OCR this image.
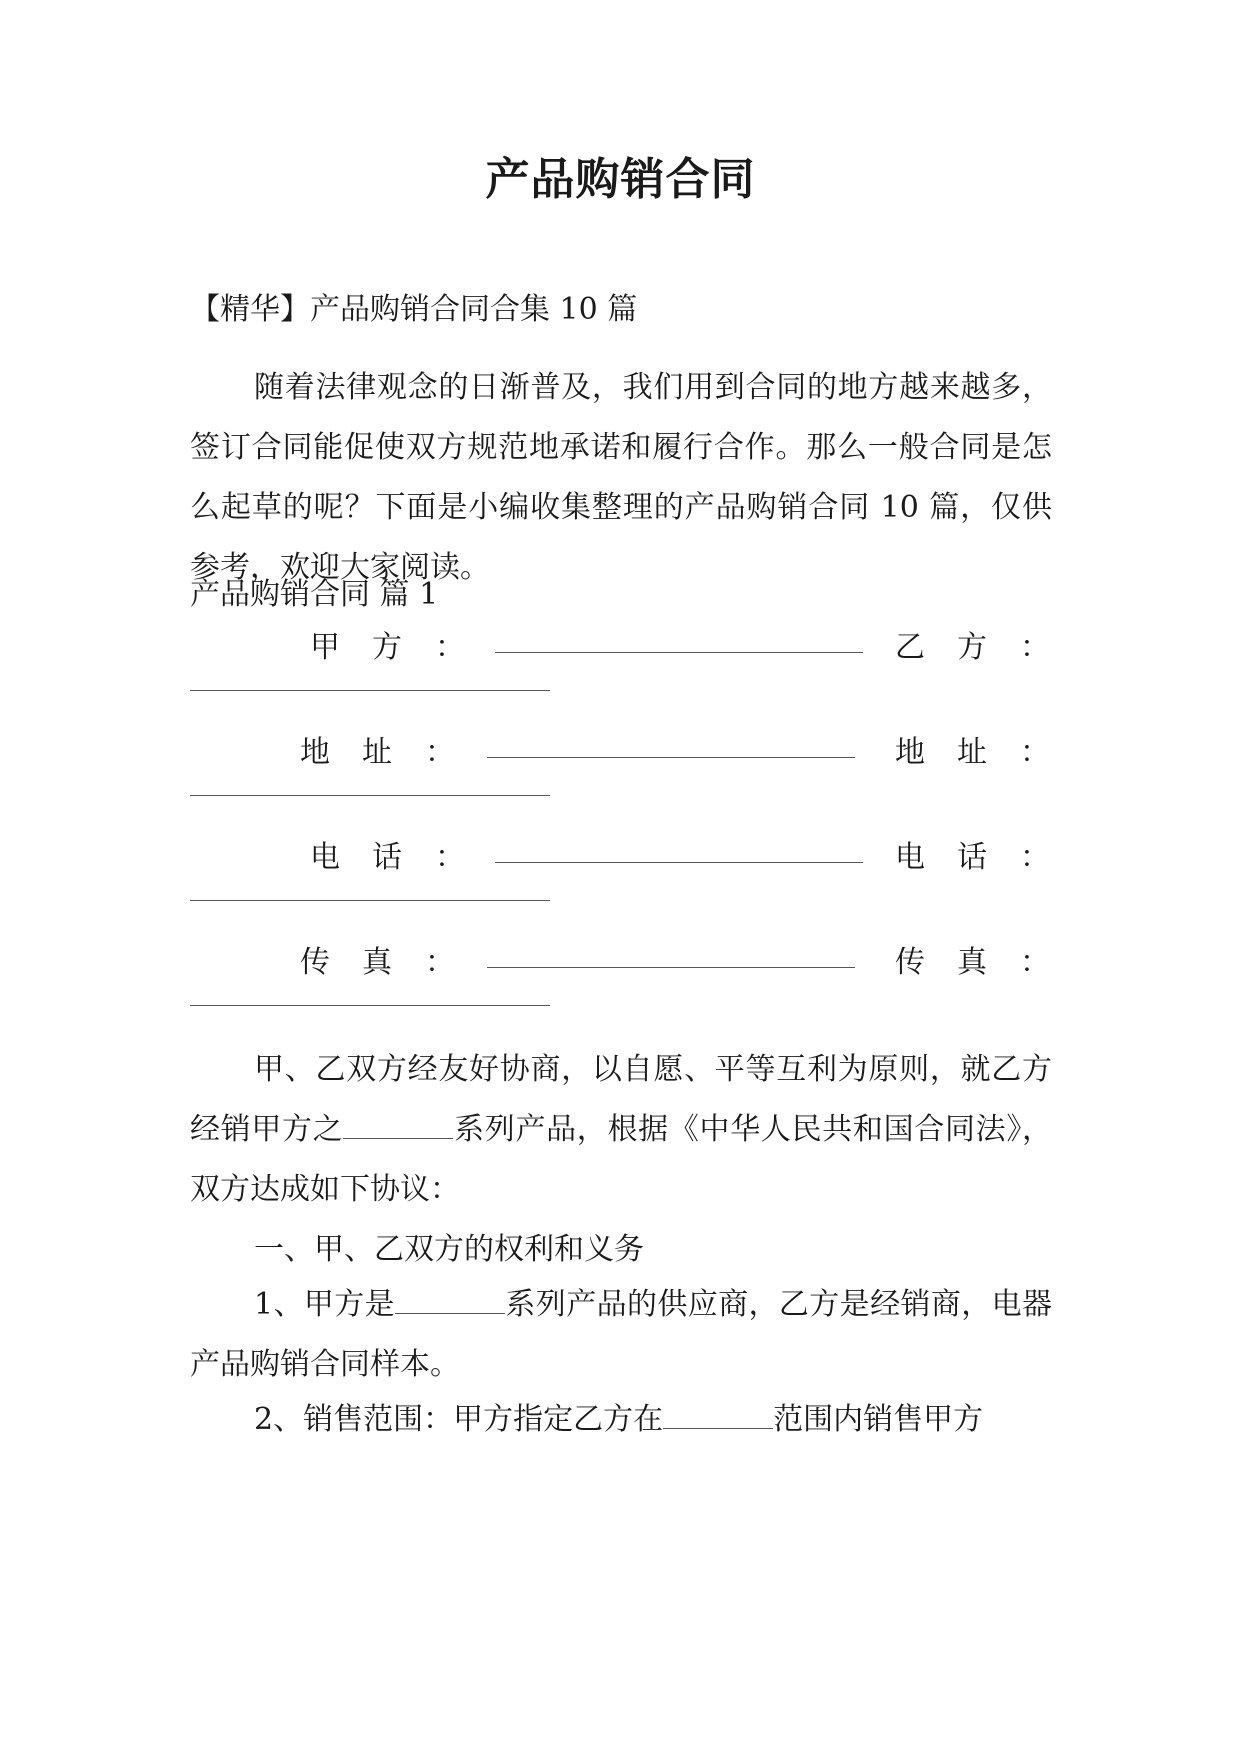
产品购销合同
【精华】产品购销合同合集 10 篇

随着法律观念的日渐普及，我们用到合同的地方越来越多，签订合同能促使双方规范地承诺和履行合作。那么一般合同是怎么起草的呢？下面是小编收集整理的产品购销合同 10 篇，仅供参考，欢迎大家阅读。

产品购销合同 篇 1
甲方 ：	乙方 ：
地址 ：	地址 ：
电话 ：	电话 ：
传真 ：	传真 ：

甲、乙双方经友好协商，以自愿、平等互利为原则，就乙方经销甲方之	系列产品，根据《中华人民共和国合同法》，双方达成如下协议：

一、甲、乙双方的权利和义务

1、甲方是	系列产品的供应商，乙方是经销商，电器产品购销合同样本。

2、销售范围：甲方指定乙方在	范围内销售甲方
